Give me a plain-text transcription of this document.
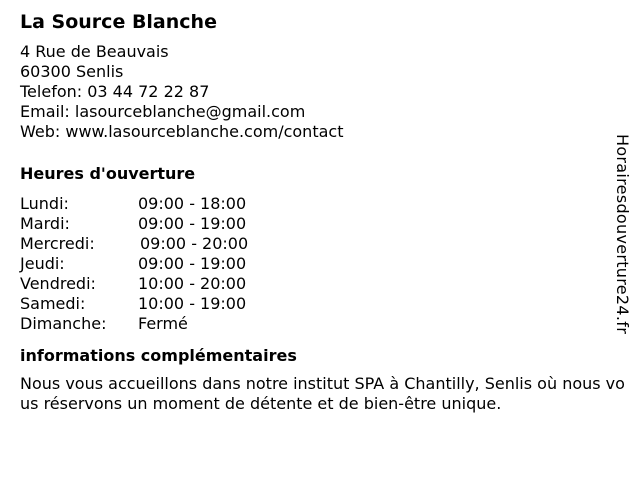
La Source Blanche
4 Rue de Beauvais
60300 Senlis
Telefon: 03 44 72 22 87
Email: lasourceblanche@gmail.com
Web: www.lasourceblanche.com/contact
Heures d'ouverture
Lundi:	09:00 - 18:00
Mardi:	09:00 - 19:00
Mercredi:	09:00 - 20:00
Jeudi:	09:00 - 19:00
Vendredi:	10:00 - 20:00
Samedi:	10:00 - 19:00
Dimanche:	Fermé
informations complémentaires
Nous vous accueillons dans notre institut SPA à Chantilly, Senlis où nous vous réservons un moment de détente et de bien-être unique.
Horairesdouverture24.fr
